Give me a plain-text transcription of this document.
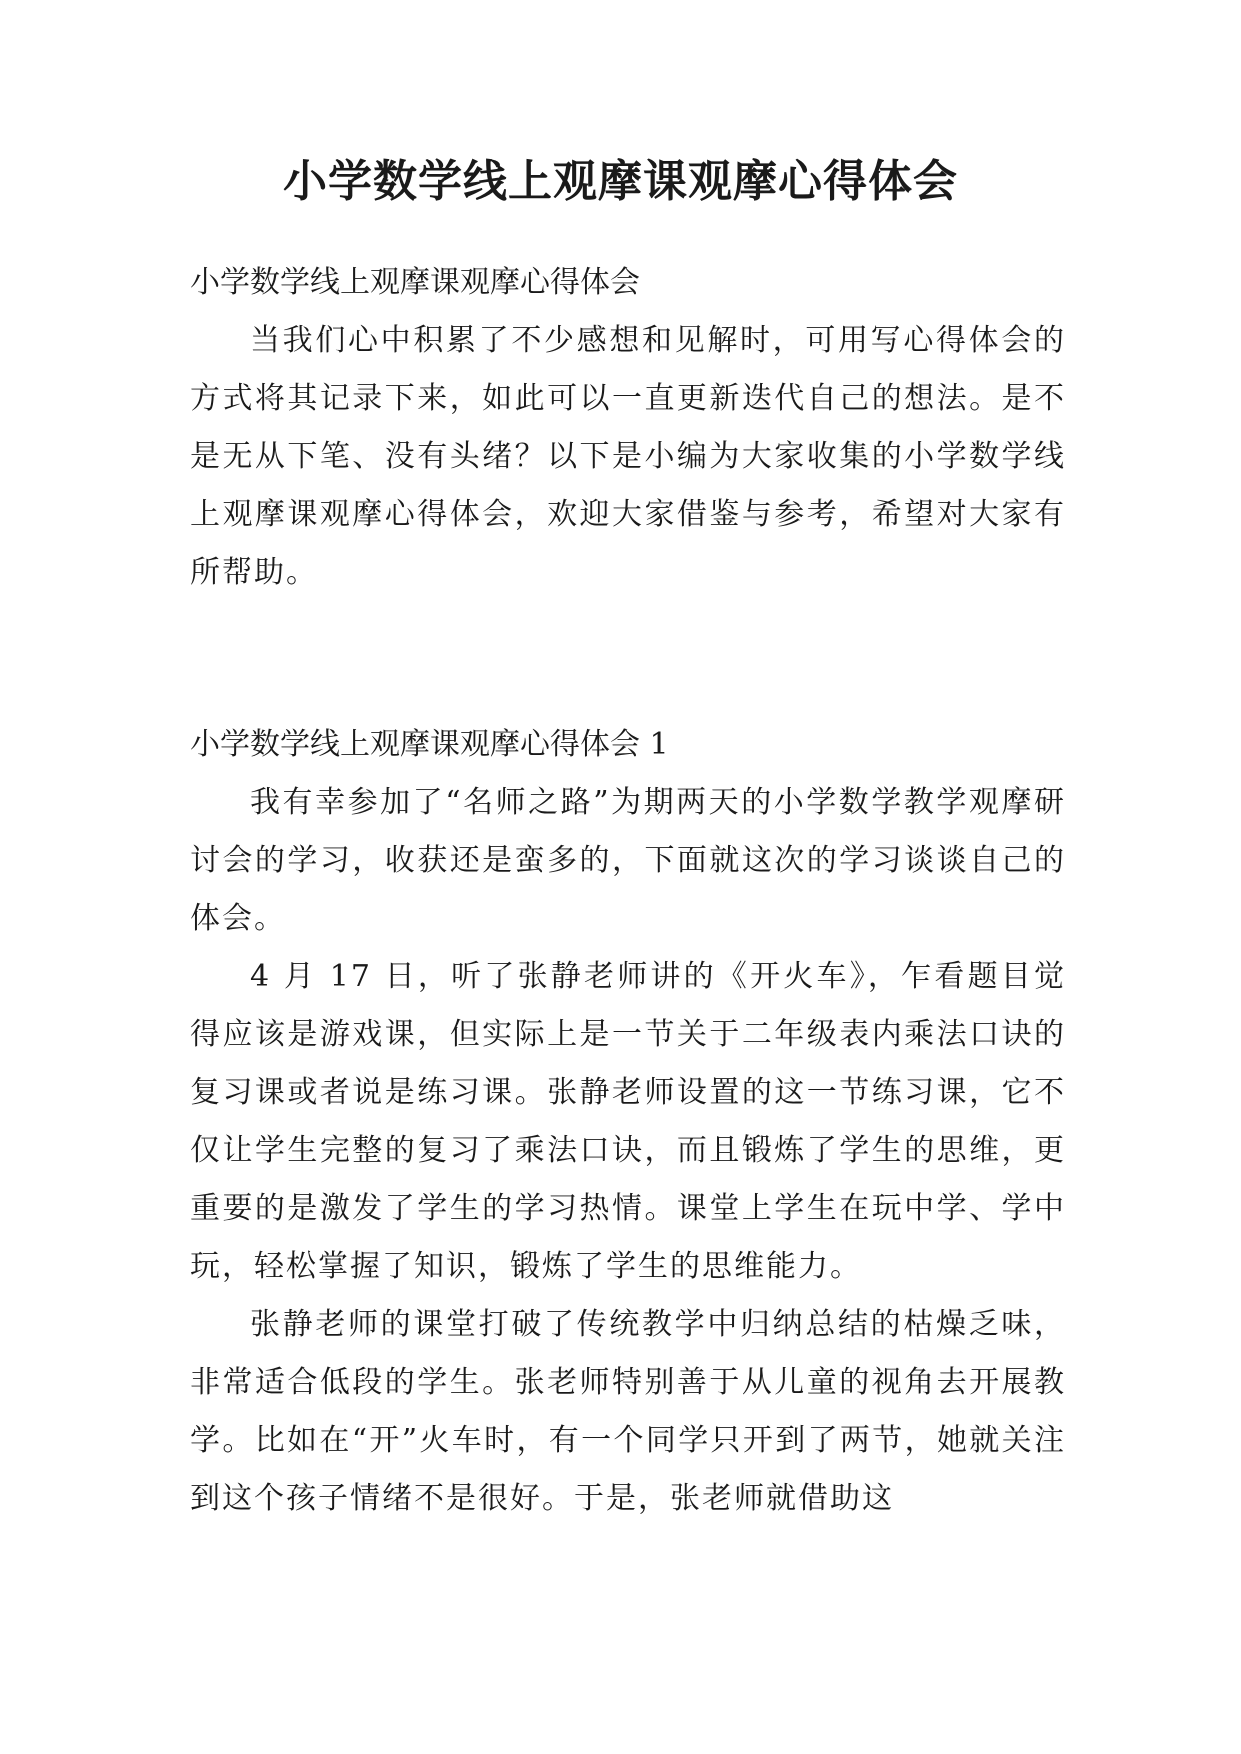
小学数学线上观摩课观摩心得体会

小学数学线上观摩课观摩心得体会

当我们心中积累了不少感想和见解时，可用写心得体会的方式将其记录下来，如此可以一直更新迭代自己的想法。是不是无从下笔、没有头绪？以下是小编为大家收集的小学数学线上观摩课观摩心得体会，欢迎大家借鉴与参考，希望对大家有所帮助。

小学数学线上观摩课观摩心得体会 1

我有幸参加了“名师之路”为期两天的小学数学教学观摩研讨会的学习，收获还是蛮多的，下面就这次的学习谈谈自己的体会。

4 月 17 日，听了张静老师讲的《开火车》，乍看题目觉得应该是游戏课，但实际上是一节关于二年级表内乘法口诀的复习课或者说是练习课。张静老师设置的这一节练习课，它不仅让学生完整的复习了乘法口诀，而且锻炼了学生的思维，更重要的是激发了学生的学习热情。课堂上学生在玩中学、学中玩，轻松掌握了知识，锻炼了学生的思维能力。

张静老师的课堂打破了传统教学中归纳总结的枯燥乏味，非常适合低段的学生。张老师特别善于从儿童的视角去开展教学。比如在“开”火车时，有一个同学只开到了两节，她就关注到这个孩子情绪不是很好。于是，张老师就借助这
